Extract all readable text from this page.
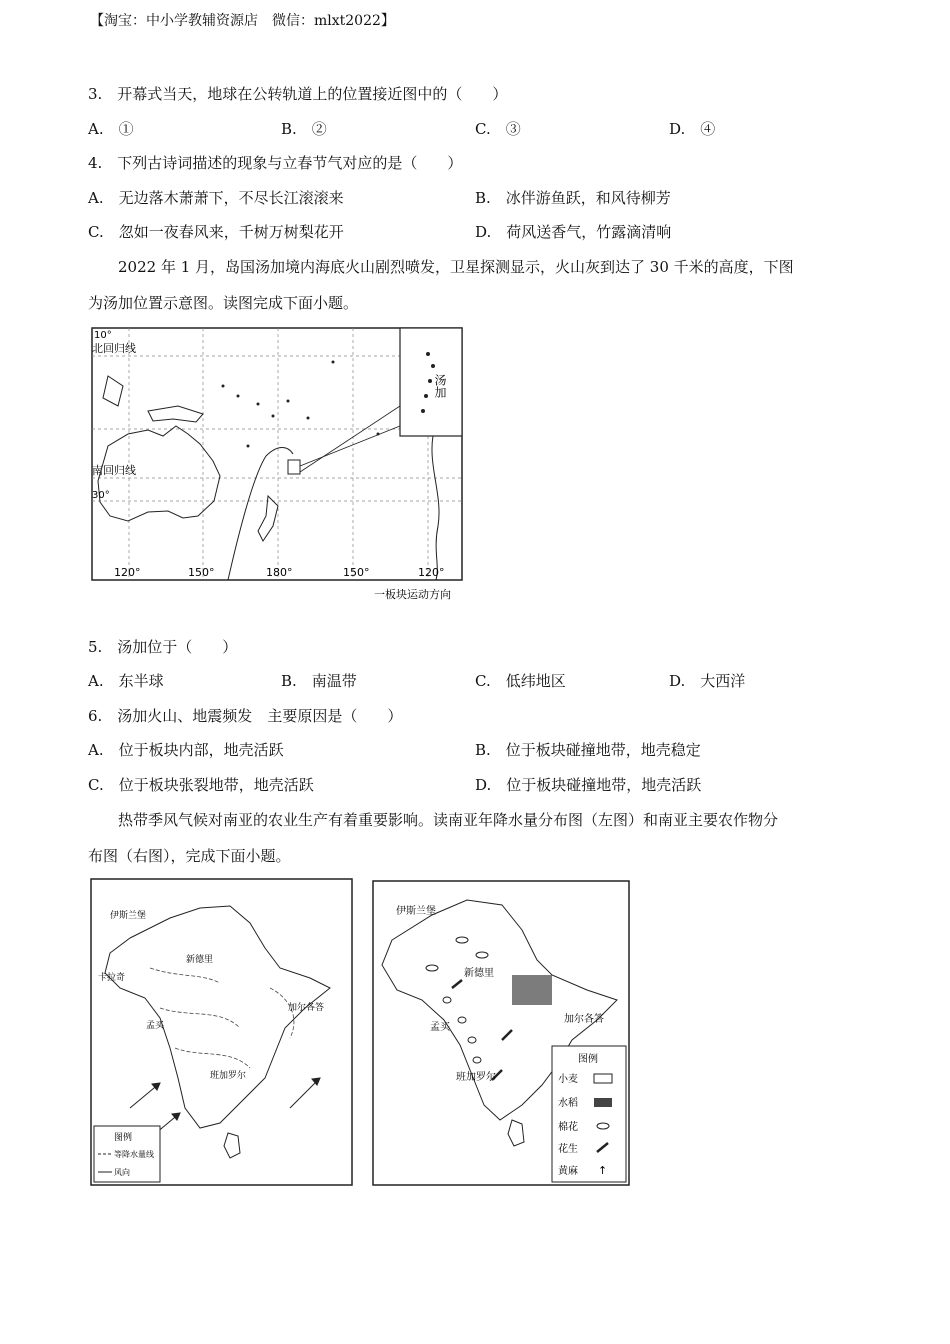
【淘宝：中小学教辅资源店　微信：mlxt2022】
3.　开幕式当天，地球在公转轨道上的位置接近图中的（　　）
A.　①	B.　②	C.　③	D.　④
4.　下列古诗词描述的现象与立春节气对应的是（　　）
A.　无边落木萧萧下，不尽长江滚滚来	B.　冰伴游鱼跃，和风待柳芳
C.　忽如一夜春风来，千树万树梨花开	D.　荷风送香气，竹露滴清响
2022 年 1 月，岛国汤加境内海底火山剧烈喷发，卫星探测显示，火山灰到达了 30 千米的高度，下图
为汤加位置示意图。读图完成下面小题。
10°
北回归线
南回归线
30°
汤加
120°	150°	180°	150°	120°
一板块运动方向
5.　汤加位于（　　）
A.　东半球	B.　南温带	C.　低纬地区	D.　大西洋
6.　汤加火山、地震频发　主要原因是（　　）
A.　位于板块内部，地壳活跃	B.　位于板块碰撞地带，地壳稳定
C.　位于板块张裂地带，地壳活跃	D.　位于板块碰撞地带，地壳活跃
热带季风气候对南亚的农业生产有着重要影响。读南亚年降水量分布图（左图）和南亚主要农作物分
布图（右图），完成下面小题。
伊斯兰堡
新德里
卡拉奇
孟买
加尔各答
班加罗尔
图例
等降水量线
风向
伊斯兰堡
新德里
孟买
加尔各答
班加罗尔
图例
小麦
水稻
棉花
花生
黄麻 ↑
